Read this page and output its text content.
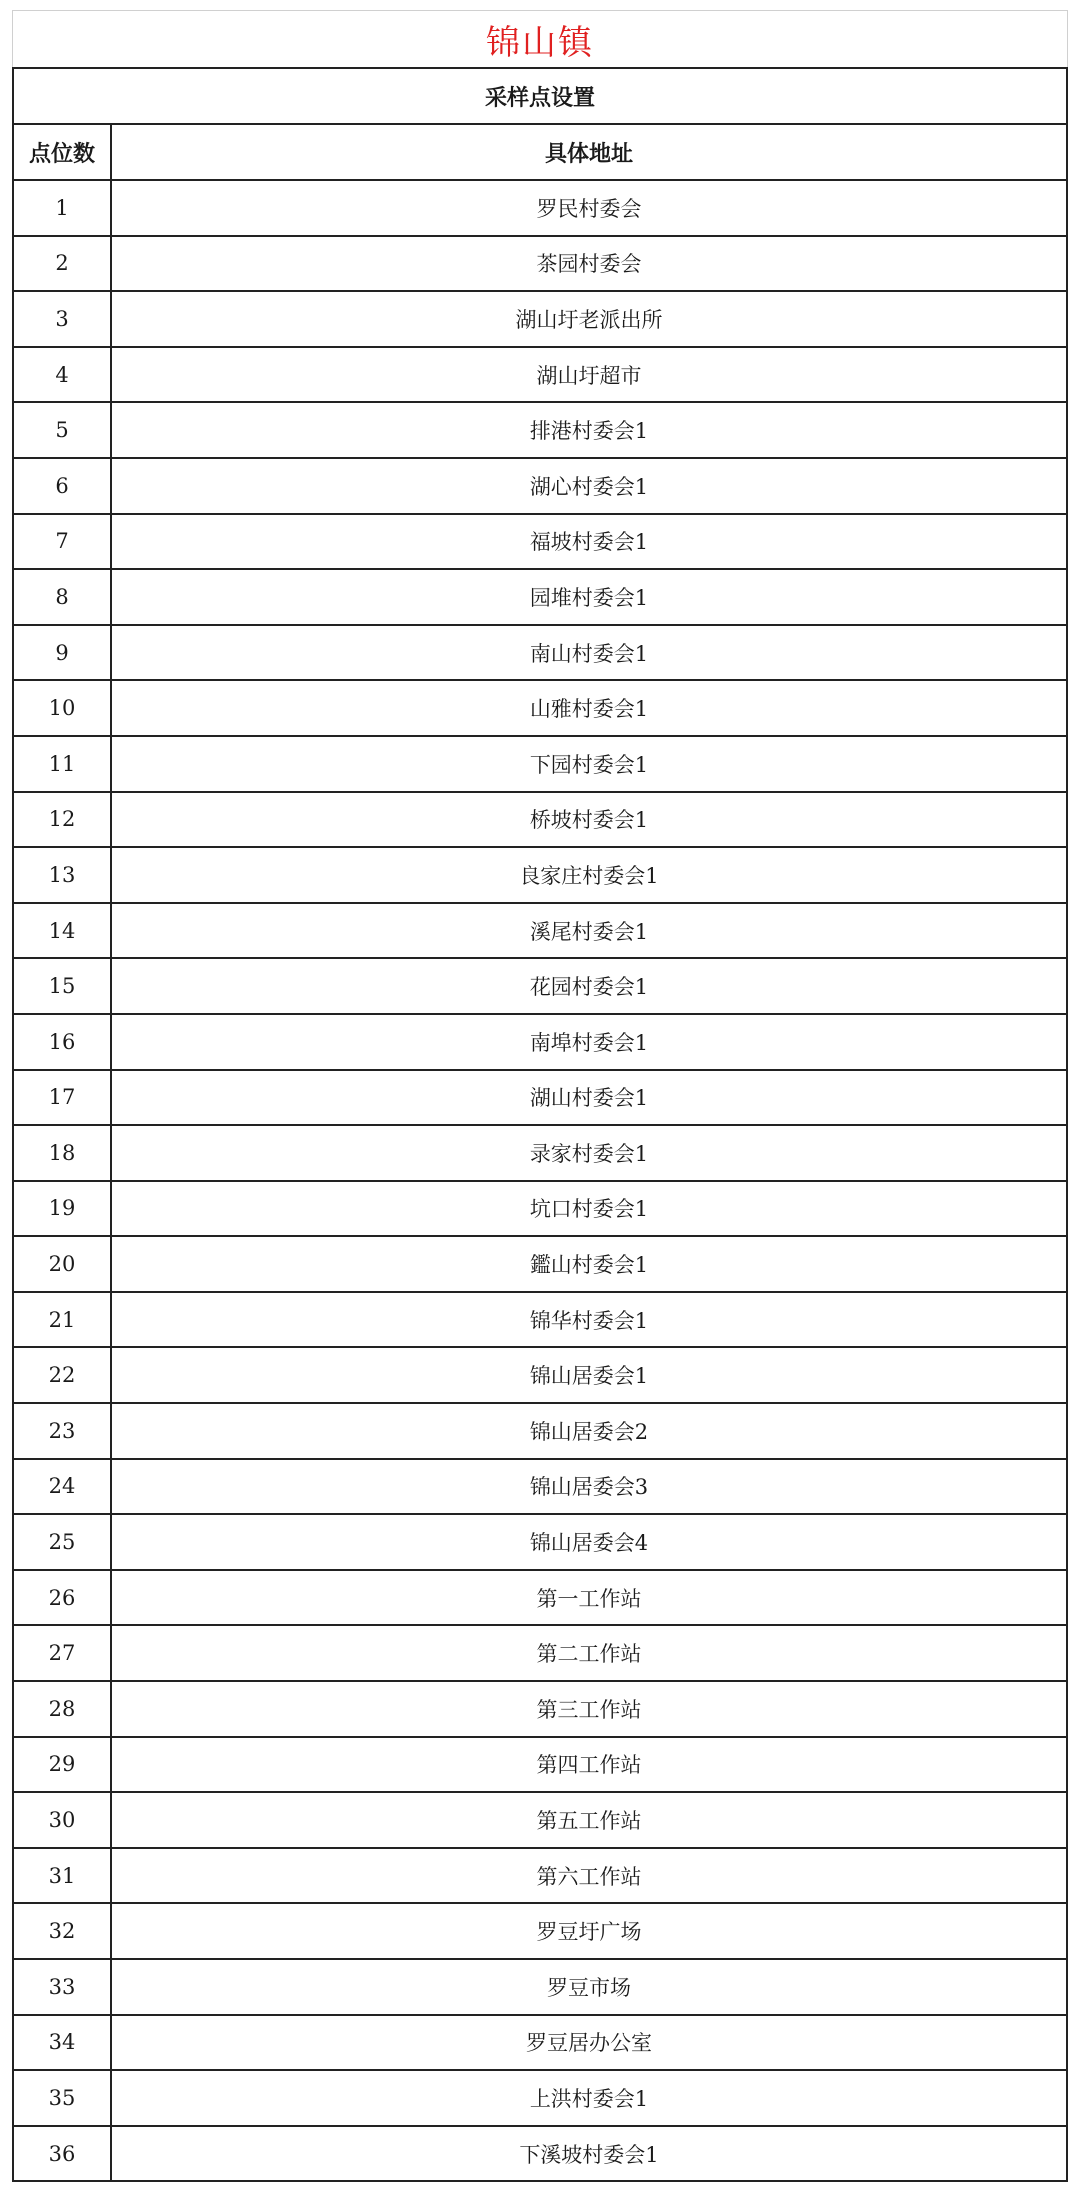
锦山镇
采样点设置	
点位数	具体地址
1	罗民村委会
2	茶园村委会
3	湖山圩老派出所
4	湖山圩超市
5	排港村委会1
6	湖心村委会1
7	福坡村委会1
8	园堆村委会1
9	南山村委会1
10	山雅村委会1
11	下园村委会1
12	桥坡村委会1
13	良家庄村委会1
14	溪尾村委会1
15	花园村委会1
16	南埠村委会1
17	湖山村委会1
18	录家村委会1
19	坑口村委会1
20	鑑山村委会1
21	锦华村委会1
22	锦山居委会1
23	锦山居委会2
24	锦山居委会3
25	锦山居委会4
26	第一工作站
27	第二工作站
28	第三工作站
29	第四工作站
30	第五工作站
31	第六工作站
32	罗豆圩广场
33	罗豆市场
34	罗豆居办公室
35	上洪村委会1
36	下溪坡村委会1
